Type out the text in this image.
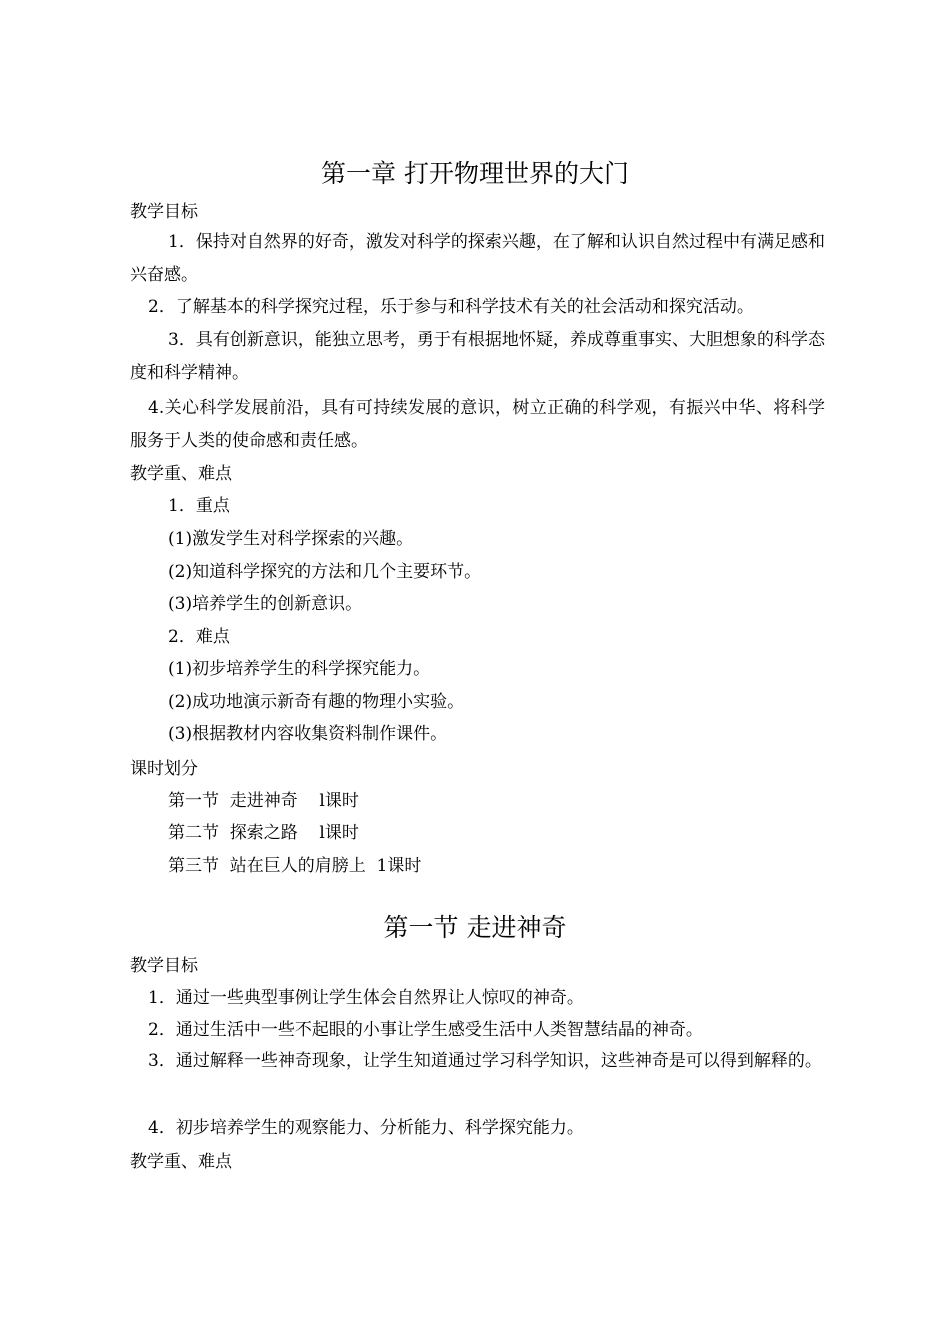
第一章 打开物理世界的大门
教学目标
1．保持对自然界的好奇，激发对科学的探索兴趣，在了解和认识自然过程中有满足感和兴奋感。
2．了解基本的科学探究过程，乐于参与和科学技术有关的社会活动和探究活动。
3．具有创新意识，能独立思考，勇于有根据地怀疑，养成尊重事实、大胆想象的科学态度和科学精神。
4.关心科学发展前沿，具有可持续发展的意识，树立正确的科学观，有振兴中华、将科学服务于人类的使命感和责任感。
教学重、难点
1．重点
(1)激发学生对科学探索的兴趣。
(2)知道科学探究的方法和几个主要环节。
(3)培养学生的创新意识。
2．难点
(1)初步培养学生的科学探究能力。
(2)成功地演示新奇有趣的物理小实验。
(3)根据教材内容收集资料制作课件。
课时划分
第一节  走进神奇    l课时
第二节  探索之路    l课时
第三节  站在巨人的肩膀上  1课时
第一节 走进神奇
教学目标
1．通过一些典型事例让学生体会自然界让人惊叹的神奇。
2．通过生活中一些不起眼的小事让学生感受生活中人类智慧结晶的神奇。
3．通过解释一些神奇现象，让学生知道通过学习科学知识，这些神奇是可以得到解释的。
4．初步培养学生的观察能力、分析能力、科学探究能力。
教学重、难点
